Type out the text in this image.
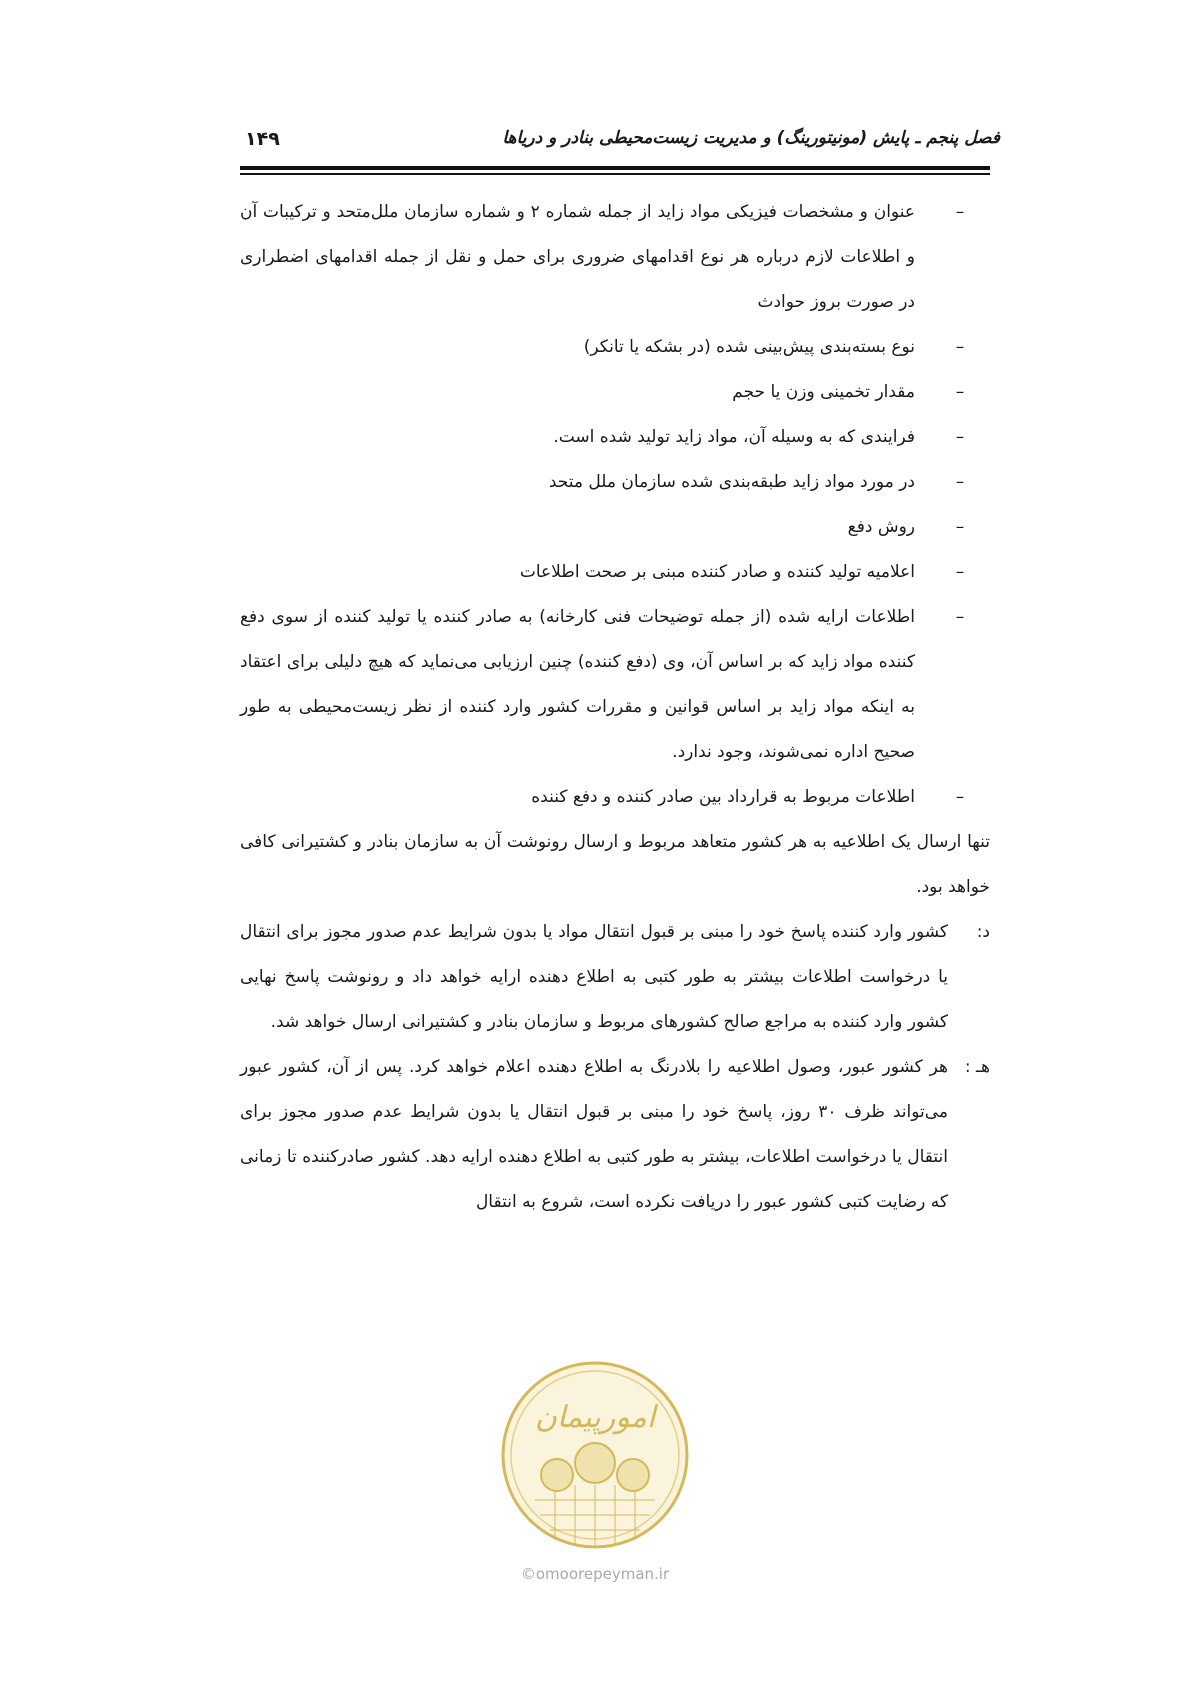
فصل پنجم ـ پایش (مونیتورینگ) و مدیریت زیست‌محیطی بنادر و دریاها
۱۴۹
–
عنوان و مشخصات فیزیکی مواد زاید از جمله شماره ۲ و شماره سازمان ملل‌متحد و ترکیبات آن و اطلاعات لازم درباره هر نوع اقدامهای ضروری برای حمل و نقل از جمله اقدامهای اضطراری در صورت بروز حوادث
–
نوع بسته‌بندی پیش‌بینی شده (در بشکه یا تانکر)
–
مقدار تخمینی وزن یا حجم
–
فرایندی که به وسیله آن، مواد زاید تولید شده است.
–
در مورد مواد زاید طبقه‌بندی شده سازمان ملل متحد
–
روش دفع
–
اعلامیه تولید کننده و صادر کننده مبنی بر صحت اطلاعات
–
اطلاعات ارایه شده (از جمله توضیحات فنی کارخانه) به صادر کننده یا تولید کننده از سوی دفع کننده مواد زاید که بر اساس آن، وی (دفع کننده) چنین ارزیابی می‌نماید که هیچ دلیلی برای اعتقاد به اینکه مواد زاید بر اساس قوانین و مقررات کشور وارد کننده از نظر زیست‌محیطی به طور صحیح اداره نمی‌شوند، وجود ندارد.
–
اطلاعات مربوط به قرارداد بین صادر کننده و دفع کننده

تنها ارسال یک اطلاعیه به هر کشور متعاهد مربوط و ارسال رونوشت آن به سازمان بنادر و کشتیرانی کافی خواهد بود.

د:
کشور وارد کننده پاسخ خود را مبنی بر قبول انتقال مواد یا بدون شرایط عدم صدور مجوز برای انتقال یا درخواست اطلاعات بیشتر به طور کتبی به اطلاع دهنده ارایه خواهد داد و رونوشت پاسخ نهایی کشور وارد کننده به مراجع صالح کشورهای مربوط و سازمان بنادر و کشتیرانی ارسال خواهد شد.

هـ :
هر کشور عبور، وصول اطلاعیه را بلادرنگ به اطلاع دهنده اعلام خواهد کرد. پس از آن، کشور عبور می‌تواند ظرف ۳۰ روز، پاسخ خود را مبنی بر قبول انتقال یا بدون شرایط عدم صدور مجوز برای انتقال یا درخواست اطلاعات، بیشتر به طور کتبی به اطلاع دهنده ارایه دهد. کشور صادرکننده تا زمانی که رضایت کتبی کشور عبور را دریافت نکرده است، شروع به انتقال

امورپیمان
©omoorepeyman.ir
